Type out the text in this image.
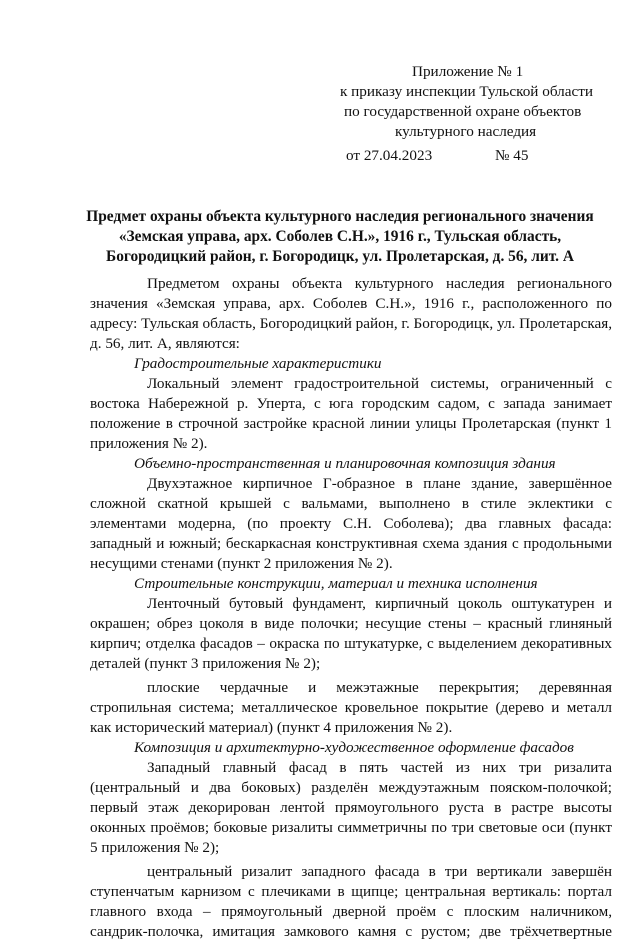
Приложение № 1
к приказу инспекции Тульской области
по государственной охране объектов
культурного наследия
от 27.04.2023	№ 45
Предмет охраны объекта культурного наследия регионального значения
«Земская управа, арх. Соболев С.Н.», 1916 г., Тульская область,
Богородицкий район, г. Богородицк, ул. Пролетарская, д. 56, лит. А

Предметом охраны объекта культурного наследия регионального значения «Земская управа, арх. Соболев С.Н.», 1916 г., расположенного по адресу: Тульская область, Богородицкий район, г. Богородицк, ул. Пролетарская, д. 56, лит. А, являются:

Градостроительные характеристики

Локальный элемент градостроительной системы, ограниченный с востока Набережной р. Уперта, с юга городским садом, с запада занимает положение в строчной застройке красной линии улицы Пролетарская (пункт 1 приложения № 2).

Объемно-пространственная и планировочная композиция здания

Двухэтажное кирпичное Г-образное в плане здание, завершённое сложной скатной крышей с вальмами, выполнено в стиле эклектики с элементами модерна, (по проекту С.Н. Соболева); два главных фасада: западный и южный; бескаркасная конструктивная схема здания с продольными несущими стенами (пункт 2 приложения № 2).

Строительные конструкции, материал и техника исполнения

Ленточный бутовый фундамент, кирпичный цоколь оштукатурен и окрашен; обрез цоколя в виде полочки; несущие стены – красный глиняный кирпич; отделка фасадов – окраска по штукатурке, с выделением декоративных деталей (пункт 3 приложения № 2);

плоские чердачные и межэтажные перекрытия; деревянная стропильная система; металлическое кровельное покрытие (дерево и металл как исторический материал) (пункт 4 приложения № 2).

Композиция и архитектурно-художественное оформление фасадов

Западный главный фасад в пять частей из них три ризалита (центральный и два боковых) разделён междуэтажным пояском-полочкой; первый этаж декорирован лентой прямоугольного руста в растре высоты оконных проёмов; боковые ризалиты симметричны по три световые оси (пункт 5 приложения № 2);

центральный ризалит западного фасада в три вертикали завершён ступенчатым карнизом с плечиками в щипце; центральная вертикаль: портал главного входа – прямоугольный дверной проём с плоским наличником, сандрик-полочка, имитация замкового камня с рустом; две трёхчетвертные
